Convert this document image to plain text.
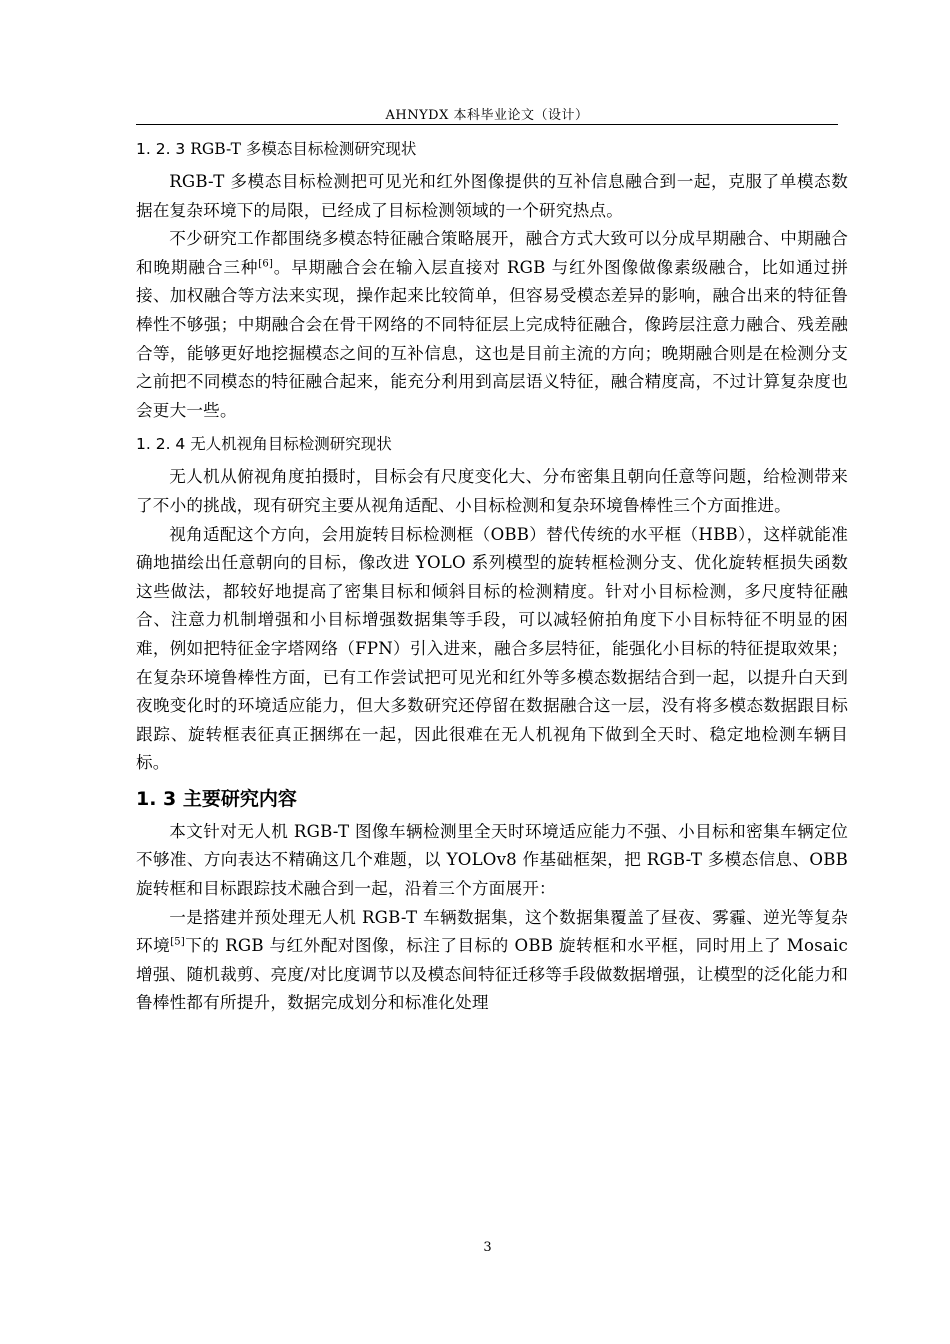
AHNYDX 本科毕业论文（设计）
1. 2. 3 RGB-T 多模态目标检测研究现状

RGB-T 多模态目标检测把可见光和红外图像提供的互补信息融合到一起，克服了单模态数据在复杂环境下的局限，已经成了目标检测领域的一个研究热点。

不少研究工作都围绕多模态特征融合策略展开，融合方式大致可以分成早期融合、中期融合和晚期融合三种[6]。早期融合会在输入层直接对 RGB 与红外图像做像素级融合，比如通过拼接、加权融合等方法来实现，操作起来比较简单，但容易受模态差异的影响，融合出来的特征鲁棒性不够强；中期融合会在骨干网络的不同特征层上完成特征融合，像跨层注意力融合、残差融合等，能够更好地挖掘模态之间的互补信息，这也是目前主流的方向；晚期融合则是在检测分支之前把不同模态的特征融合起来，能充分利用到高层语义特征，融合精度高，不过计算复杂度也会更大一些。

1. 2. 4 无人机视角目标检测研究现状

无人机从俯视角度拍摄时，目标会有尺度变化大、分布密集且朝向任意等问题，给检测带来了不小的挑战，现有研究主要从视角适配、小目标检测和复杂环境鲁棒性三个方面推进。

视角适配这个方向，会用旋转目标检测框（OBB）替代传统的水平框（HBB），这样就能准确地描绘出任意朝向的目标，像改进 YOLO 系列模型的旋转框检测分支、优化旋转框损失函数这些做法，都较好地提高了密集目标和倾斜目标的检测精度。针对小目标检测，多尺度特征融合、注意力机制增强和小目标增强数据集等手段，可以减轻俯拍角度下小目标特征不明显的困难，例如把特征金字塔网络（FPN）引入进来，融合多层特征，能强化小目标的特征提取效果；在复杂环境鲁棒性方面，已有工作尝试把可见光和红外等多模态数据结合到一起，以提升白天到夜晚变化时的环境适应能力，但大多数研究还停留在数据融合这一层，没有将多模态数据跟目标跟踪、旋转框表征真正捆绑在一起，因此很难在无人机视角下做到全天时、稳定地检测车辆目标。

1. 3 主要研究内容

本文针对无人机 RGB-T 图像车辆检测里全天时环境适应能力不强、小目标和密集车辆定位不够准、方向表达不精确这几个难题，以 YOLOv8 作基础框架，把 RGB-T 多模态信息、OBB 旋转框和目标跟踪技术融合到一起，沿着三个方面展开：

一是搭建并预处理无人机 RGB-T 车辆数据集，这个数据集覆盖了昼夜、雾霾、逆光等复杂环境[5]下的 RGB 与红外配对图像，标注了目标的 OBB 旋转框和水平框，同时用上了 Mosaic 增强、随机裁剪、亮度/对比度调节以及模态间特征迁移等手段做数据增强，让模型的泛化能力和鲁棒性都有所提升，数据完成划分和标准化处理

3
